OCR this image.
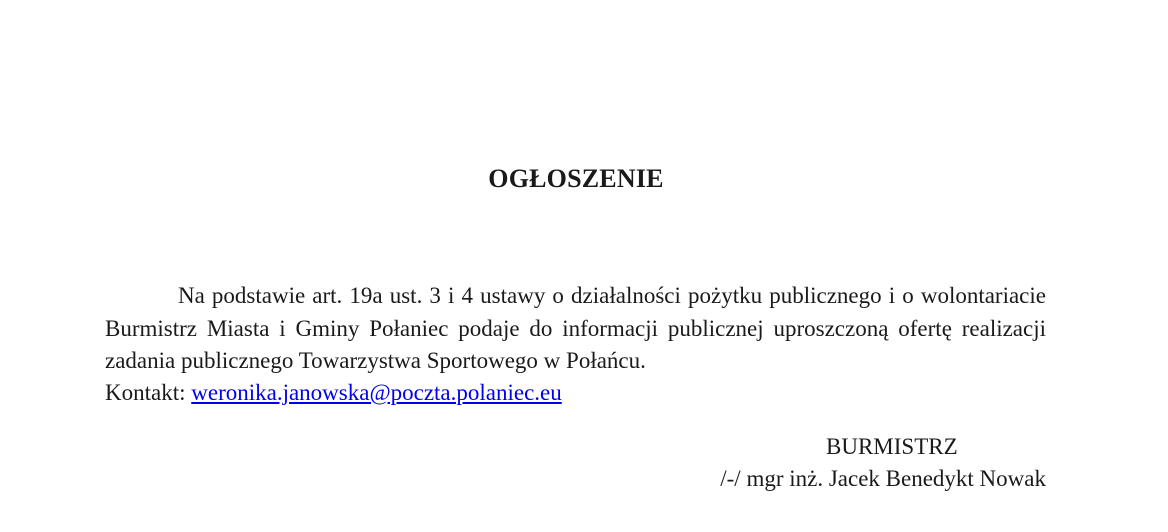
OGŁOSZENIE

Na podstawie art. 19a ust. 3 i 4 ustawy o działalności pożytku publicznego i o wolontariacie Burmistrz Miasta i Gminy Połaniec podaje do informacji publicznej uproszczoną ofertę realizacji zadania publicznego Towarzystwa Sportowego w Połańcu.

Kontakt: weronika.janowska@poczta.polaniec.eu
BURMISTRZ
/-/ mgr inż. Jacek Benedykt Nowak
